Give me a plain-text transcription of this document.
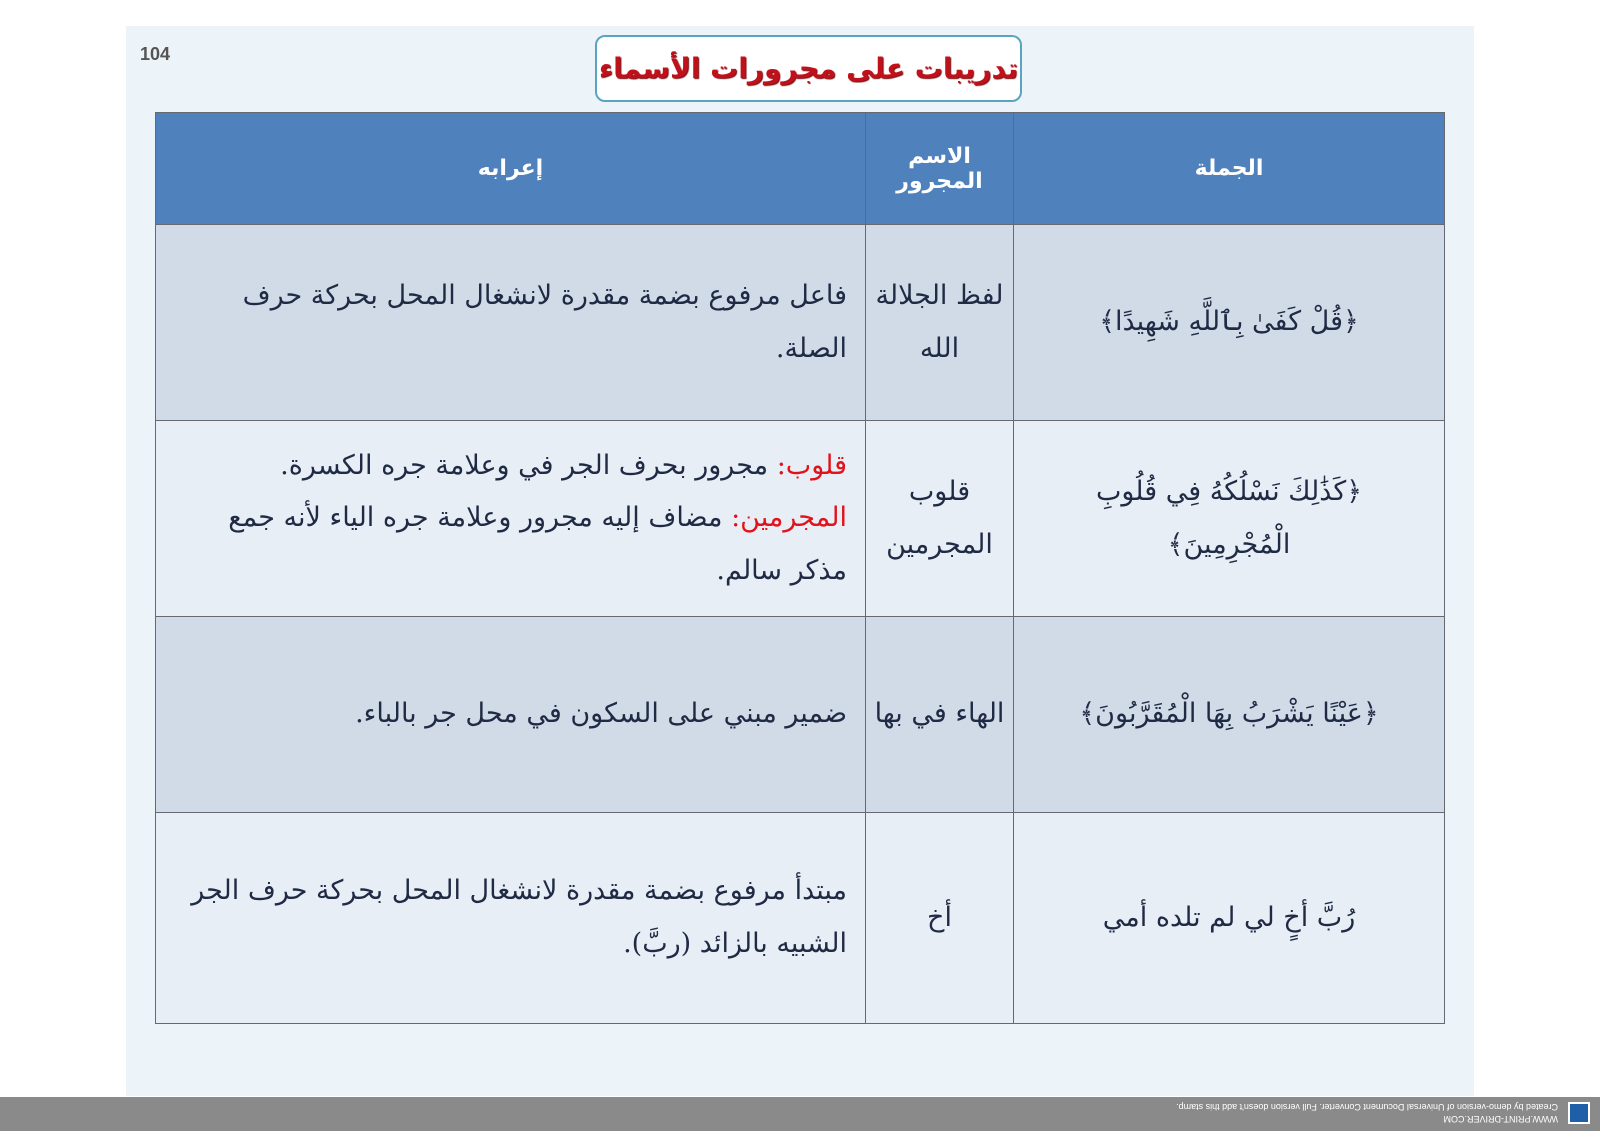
104	تدريبات على مجرورات الأسماء
الجملة	الاسم المجرور	إعرابه
﴿قُلْ كَفَىٰ بِٱللَّهِ شَهِيدًا﴾	لفظ الجلالة الله	فاعل مرفوع بضمة مقدرة لانشغال المحل بحركة حرف الصلة.

﴿كَذَٰلِكَ نَسْلُكُهُ فِي قُلُوبِ الْمُجْرِمِينَ﴾	قلوب المجرمين	قلوب: مجرور بحرف الجر في وعلامة جره الكسرة.
المجرمين: مضاف إليه مجرور وعلامة جره الياء لأنه جمع مذكر سالم.

﴿عَيْنًا يَشْرَبُ بِهَا الْمُقَرَّبُونَ﴾	الهاء في بها	ضمير مبني على السكون في محل جر بالباء.

رُبَّ أخٍ لي لم تلده أمي	أخ	مبتدأ مرفوع بضمة مقدرة لانشغال المحل بحركة حرف الجر الشبيه بالزائد (ربَّ).
WWW.PRINT-DRIVER.COM
Created by demo-version of Universal Document Converter. Full version doesn't add this stamp.
